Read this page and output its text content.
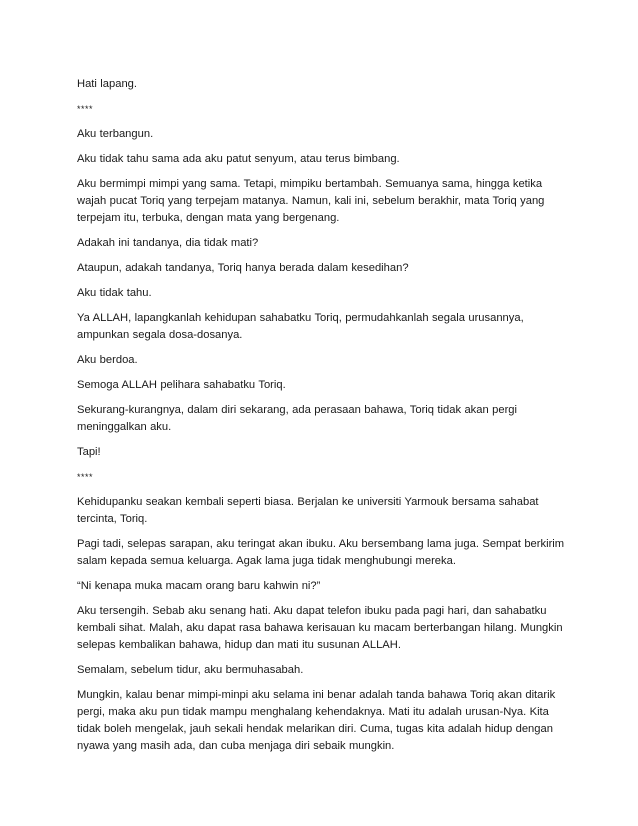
Hati lapang.

****

Aku terbangun.

Aku tidak tahu sama ada aku patut senyum, atau terus bimbang.

Aku bermimpi mimpi yang sama. Tetapi, mimpiku bertambah. Semuanya sama, hingga ketika wajah pucat Toriq yang terpejam matanya. Namun, kali ini, sebelum berakhir, mata Toriq yang terpejam itu, terbuka, dengan mata yang bergenang.

Adakah ini tandanya, dia tidak mati?

Ataupun, adakah tandanya, Toriq hanya berada dalam kesedihan?

Aku tidak tahu.

Ya ALLAH, lapangkanlah kehidupan sahabatku Toriq, permudahkanlah segala urusannya, ampunkan segala dosa-dosanya.

Aku berdoa.

Semoga ALLAH pelihara sahabatku Toriq.

Sekurang-kurangnya, dalam diri sekarang, ada perasaan bahawa, Toriq tidak akan pergi meninggalkan aku.

Tapi!

****

Kehidupanku seakan kembali seperti biasa. Berjalan ke universiti Yarmouk bersama sahabat tercinta, Toriq.

Pagi tadi, selepas sarapan, aku teringat akan ibuku. Aku bersembang lama juga. Sempat berkirim salam kepada semua keluarga. Agak lama juga tidak menghubungi mereka.

“Ni kenapa muka macam orang baru kahwin ni?”

Aku tersengih. Sebab aku senang hati. Aku dapat telefon ibuku pada pagi hari, dan sahabatku kembali sihat. Malah, aku dapat rasa bahawa kerisauan ku macam berterbangan hilang. Mungkin selepas kembalikan bahawa, hidup dan mati itu susunan ALLAH.

Semalam, sebelum tidur, aku bermuhasabah.

Mungkin, kalau benar mimpi-minpi aku selama ini benar adalah tanda bahawa Toriq akan ditarik pergi, maka aku pun tidak mampu menghalang kehendaknya. Mati itu adalah urusan-Nya. Kita tidak boleh mengelak, jauh sekali hendak melarikan diri. Cuma, tugas kita adalah hidup dengan nyawa yang masih ada, dan cuba menjaga diri sebaik mungkin.
